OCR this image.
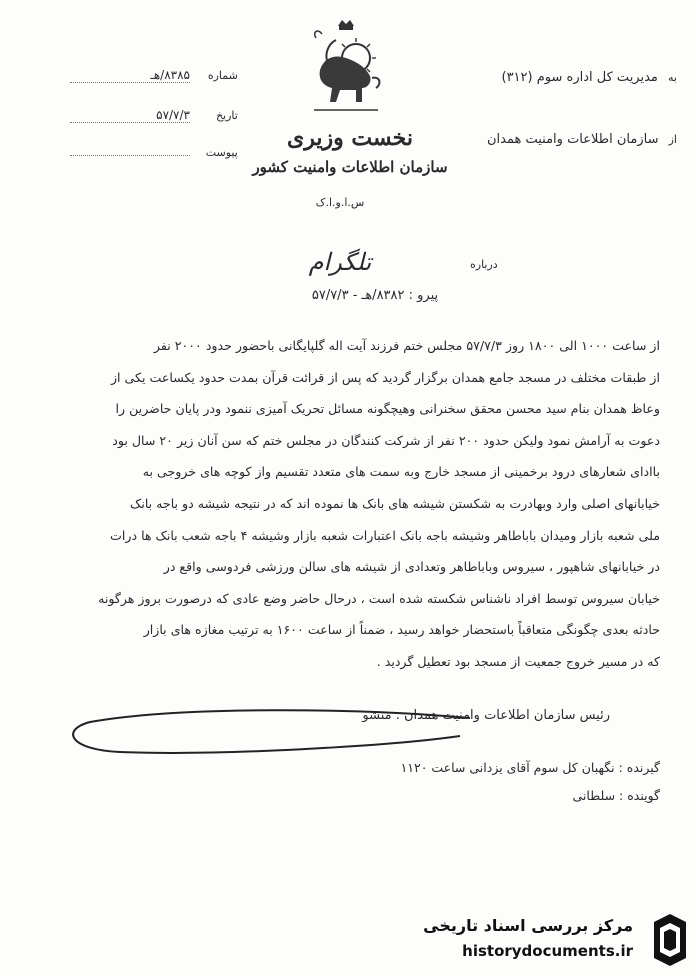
به مدیریت کل اداره سوم (۳۱۲)
از سازمان اطلاعات وامنیت همدان
شماره ۸۳۸۵/هـ
تاریخ ۵۷/۷/۳
پیوست
نخست وزیری
سازمان اطلاعات وامنیت کشور
س.ا.و.ا.ک
تلگرام	درباره
پیرو : ۸۳۸۲/هـ - ۵۷/۷/۳

از ساعت ۱۰۰۰ الی ۱۸۰۰ روز ۵۷/۷/۳ مجلس ختم فرزند آیت اله گلپایگانی باحضور حدود ۲۰۰۰ نفر

از طبقات مختلف در مسجد جامع همدان برگزار گردید که پس از قرائت قرآن بمدت حدود یکساعت یکی از

وعاظ همدان بنام سید محسن محقق سخنرانی وهیچگونه مسائل تحریک آمیزی ننمود ودر پایان حاضرین را

دعوت به آرامش نمود ولیکن حدود ۲۰۰ نفر از شرکت کنندگان در مجلس ختم که سن آنان زیر ۲۰ سال بود

باادای شعارهای درود برخمینی از مسجد خارج وبه سمت های متعدد تقسیم واز کوچه های خروجی به

خیابانهای اصلی وارد وبهادرت به شکستن شیشه های بانک ها نموده اند که در نتیجه شیشه دو باجه بانک

ملی شعبه بازار ومیدان باباطاهر وشیشه باجه بانک اعتبارات شعبه بازار وشیشه ۴ باجه شعب بانک ها درات

در خیابانهای شاهپور ، سیروس وباباطاهر وتعدادی از شیشه های سالن ورزشی فردوسی واقع در

خیابان سیروس توسط افراد ناشناس شکسته شده است ، درحال حاضر وضع عادی که درصورت بروز هرگونه

حادثه بعدی چگونگی متعاقباً باستحضار خواهد رسید ، ضمناً از ساعت ۱۶۰۰ به ترتیب مغازه های بازار

که در مسیر خروج جمعیت از مسجد بود تعطیل گردید .

رئیس سازمان اطلاعات وامنیت همدان . منشو
گیرنده : نگهبان کل سوم آقای یزدانی ساعت ۱۱۲۰
گوینده : سلطانی
مرکز بررسی اسناد تاریخی
historydocuments.ir
